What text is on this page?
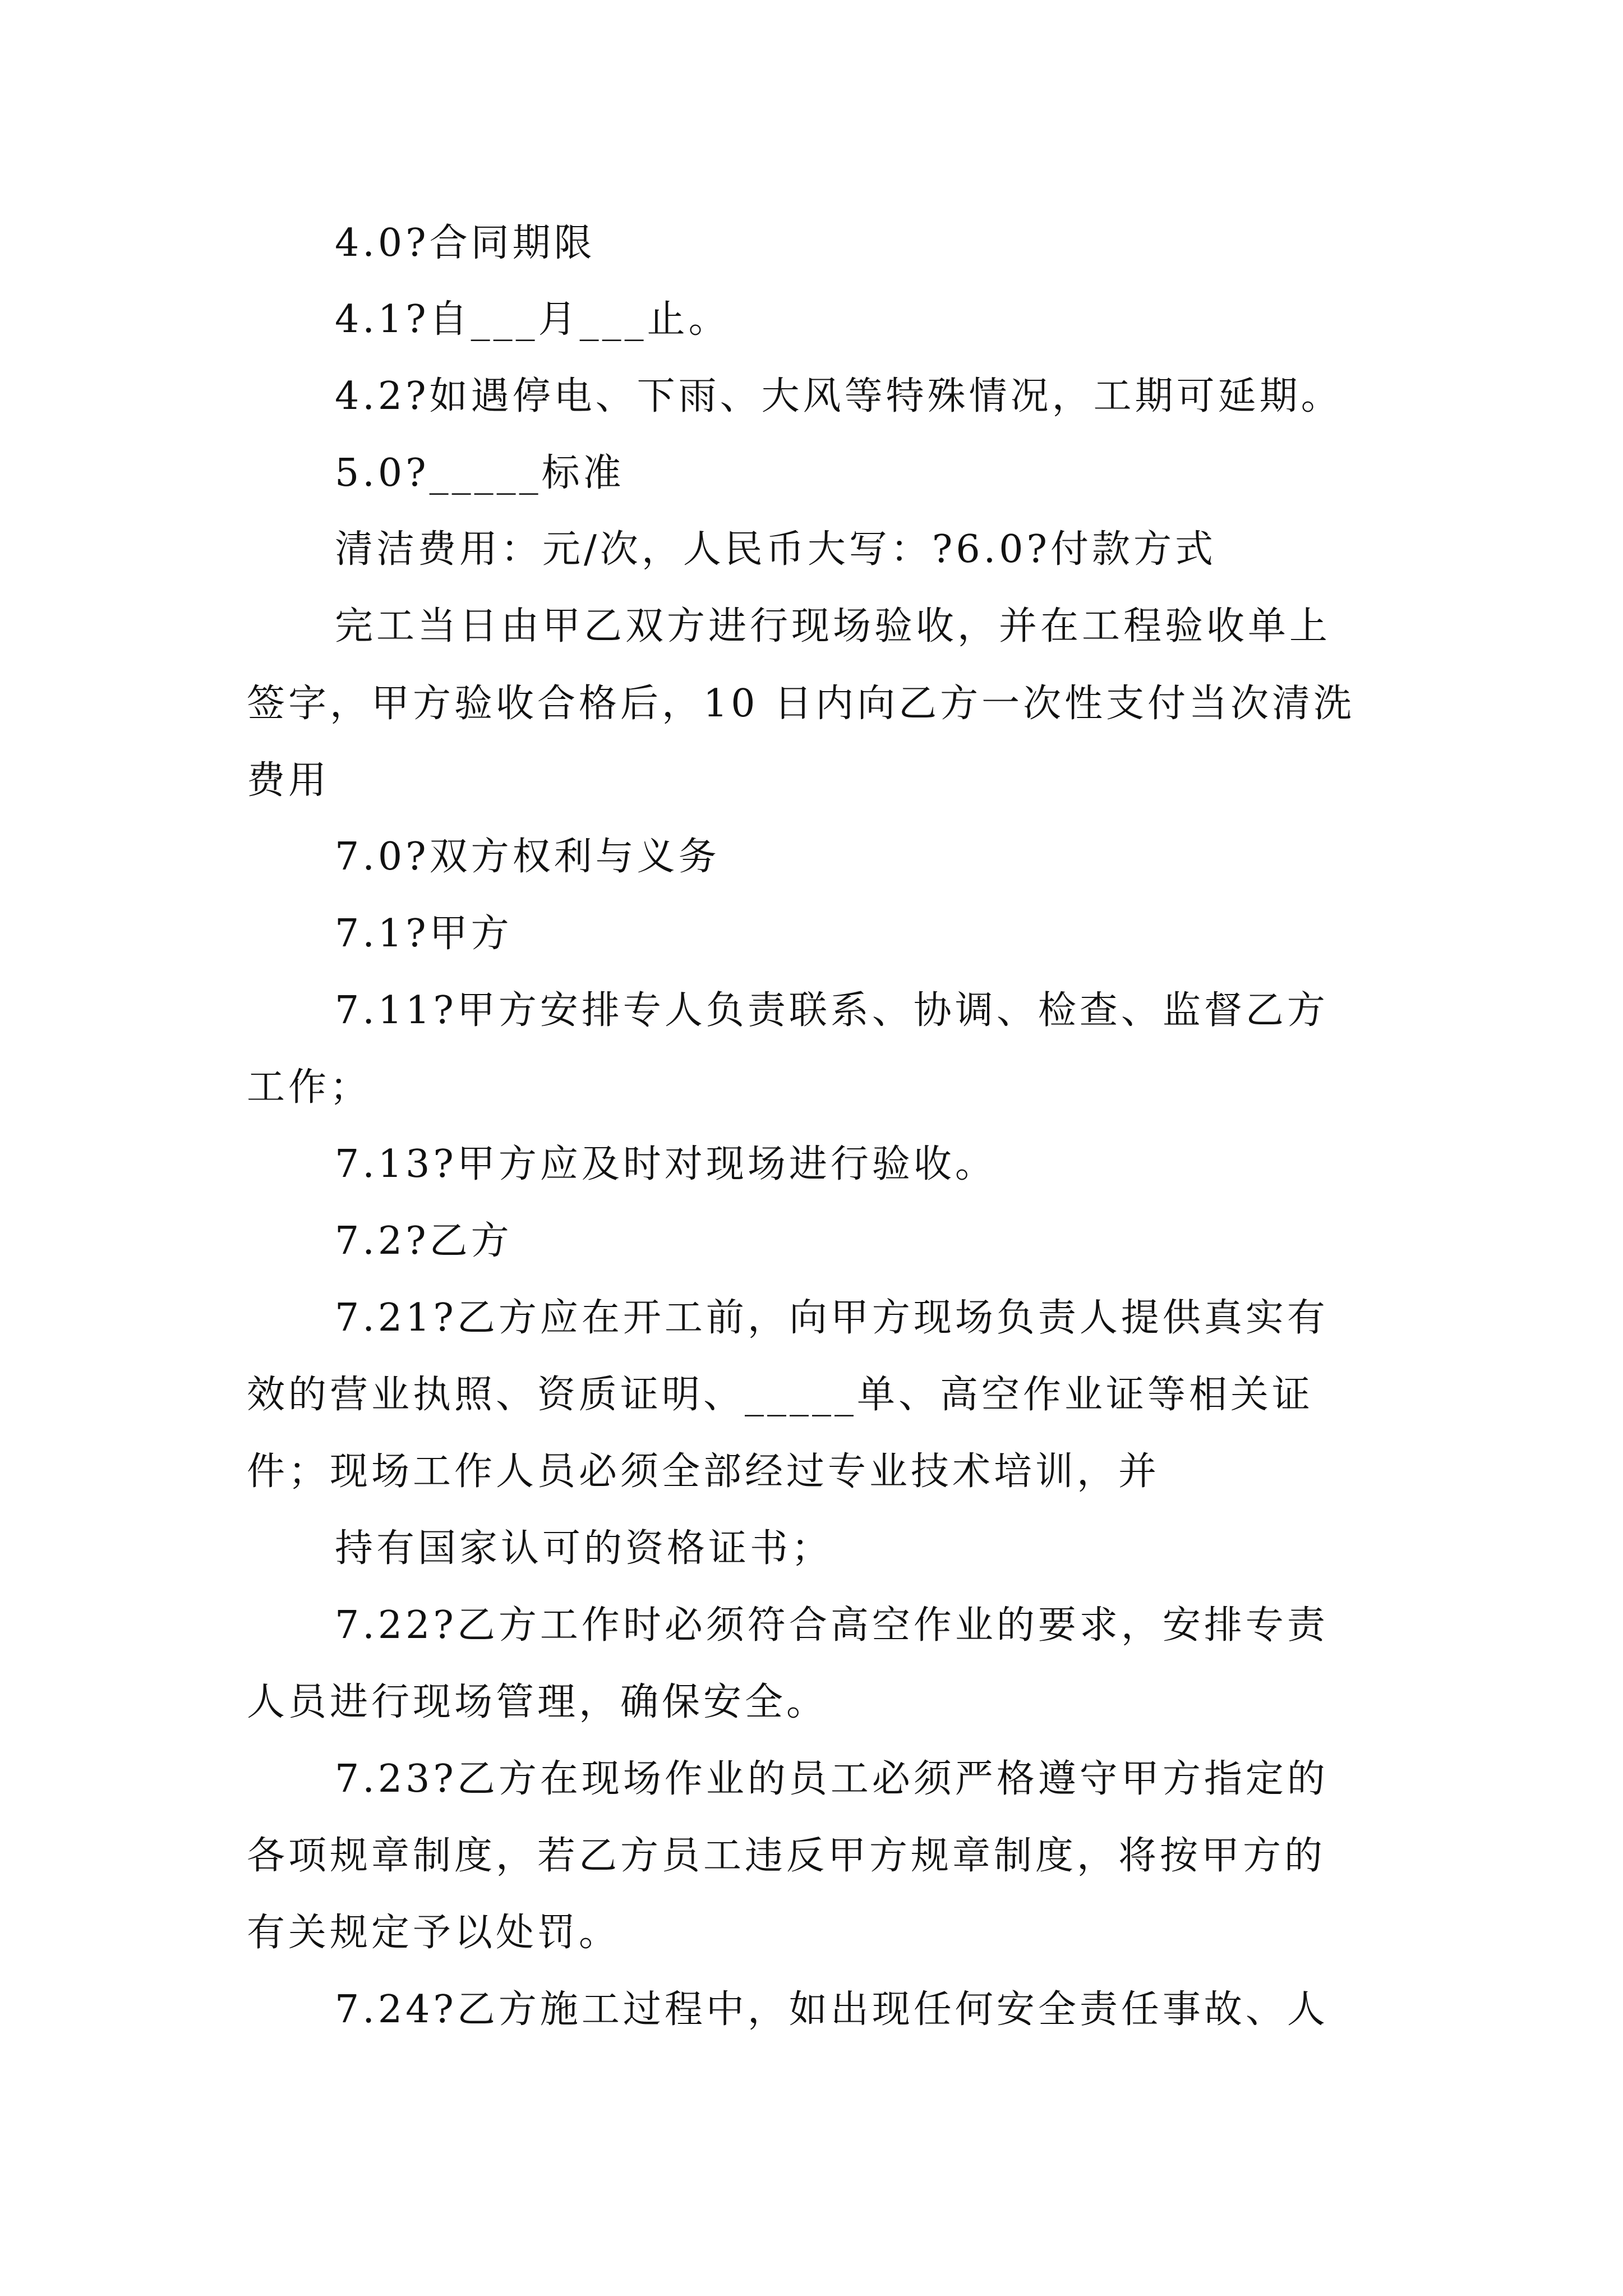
4.0?合同期限
4.1?自___月___止。
4.2?如遇停电、下雨、大风等特殊情况，工期可延期。
5.0?_____标准
清洁费用：元/次，人民币大写：?6.0?付款方式
完工当日由甲乙双方进行现场验收，并在工程验收单上
签字，甲方验收合格后，10 日内向乙方一次性支付当次清洗
费用
7.0?双方权利与义务
7.1?甲方
7.11?甲方安排专人负责联系、协调、检查、监督乙方
工作；
7.13?甲方应及时对现场进行验收。
7.2?乙方
7.21?乙方应在开工前，向甲方现场负责人提供真实有
效的营业执照、资质证明、_____单、高空作业证等相关证
件；现场工作人员必须全部经过专业技术培训，并
持有国家认可的资格证书；
7.22?乙方工作时必须符合高空作业的要求，安排专责
人员进行现场管理，确保安全。
7.23?乙方在现场作业的员工必须严格遵守甲方指定的
各项规章制度，若乙方员工违反甲方规章制度，将按甲方的
有关规定予以处罚。
7.24?乙方施工过程中，如出现任何安全责任事故、人
